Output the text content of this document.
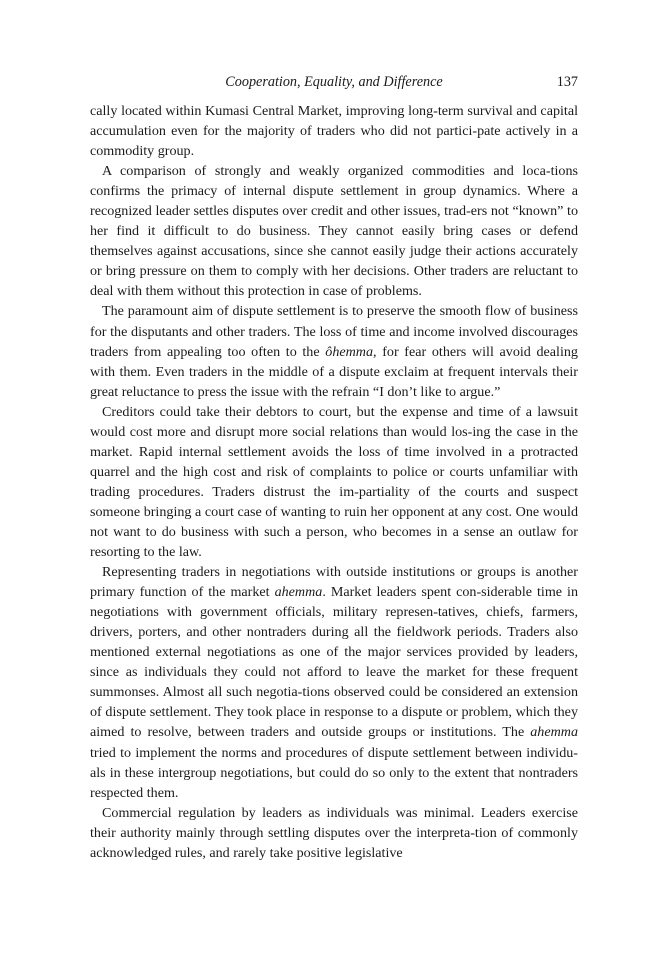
Cooperation, Equality, and Difference	137

cally located within Kumasi Central Market, improving long-term survival and capital accumulation even for the majority of traders who did not partici-pate actively in a commodity group.

A comparison of strongly and weakly organized commodities and loca-tions confirms the primacy of internal dispute settlement in group dynamics. Where a recognized leader settles disputes over credit and other issues, trad-ers not “known” to her find it difficult to do business. They cannot easily bring cases or defend themselves against accusations, since she cannot easily judge their actions accurately or bring pressure on them to comply with her decisions. Other traders are reluctant to deal with them without this protection in case of problems.

The paramount aim of dispute settlement is to preserve the smooth flow of business for the disputants and other traders. The loss of time and income involved discourages traders from appealing too often to the ôhemma, for fear others will avoid dealing with them. Even traders in the middle of a dispute exclaim at frequent intervals their great reluctance to press the issue with the refrain “I don’t like to argue.”

Creditors could take their debtors to court, but the expense and time of a lawsuit would cost more and disrupt more social relations than would los-ing the case in the market. Rapid internal settlement avoids the loss of time involved in a protracted quarrel and the high cost and risk of complaints to police or courts unfamiliar with trading procedures. Traders distrust the im-partiality of the courts and suspect someone bringing a court case of wanting to ruin her opponent at any cost. One would not want to do business with such a person, who becomes in a sense an outlaw for resorting to the law.

Representing traders in negotiations with outside institutions or groups is another primary function of the market ahemma. Market leaders spent con-siderable time in negotiations with government officials, military represen-tatives, chiefs, farmers, drivers, porters, and other nontraders during all the fieldwork periods. Traders also mentioned external negotiations as one of the major services provided by leaders, since as individuals they could not afford to leave the market for these frequent summonses. Almost all such negotia-tions observed could be considered an extension of dispute settlement. They took place in response to a dispute or problem, which they aimed to resolve, between traders and outside groups or institutions. The ahemma tried to implement the norms and procedures of dispute settlement between individu-als in these intergroup negotiations, but could do so only to the extent that nontraders respected them.

Commercial regulation by leaders as individuals was minimal. Leaders exercise their authority mainly through settling disputes over the interpreta-tion of commonly acknowledged rules, and rarely take positive legislative
